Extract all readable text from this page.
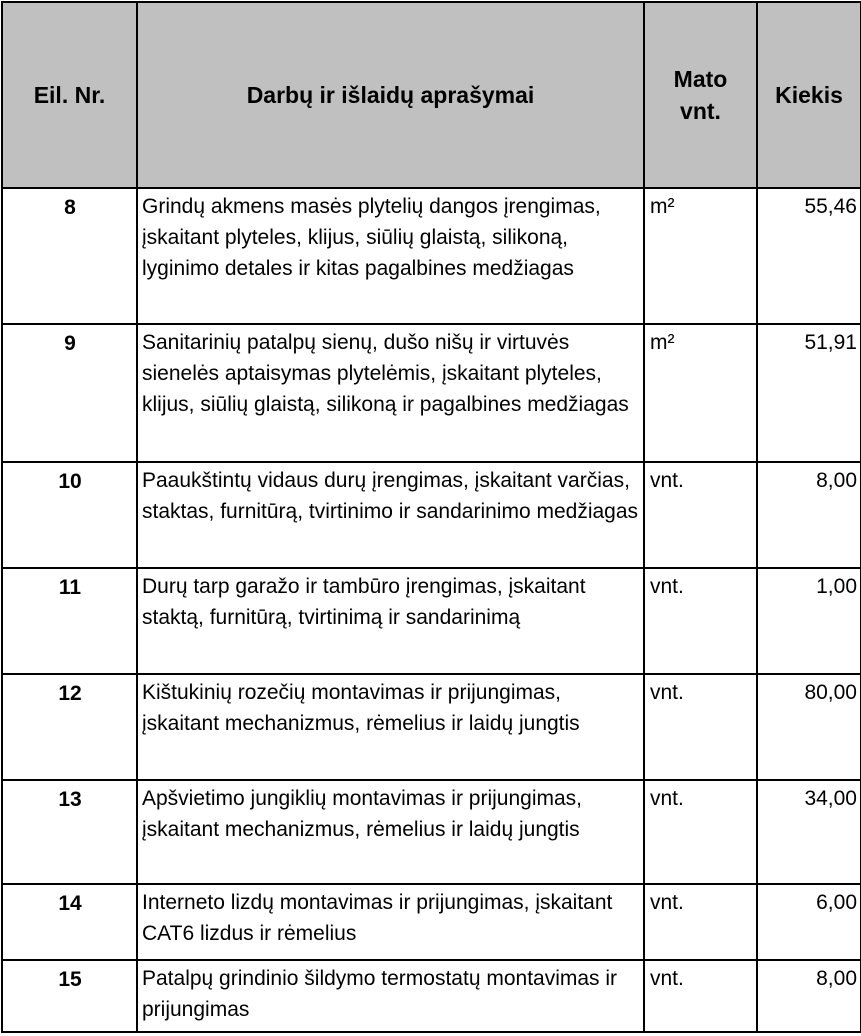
Eil. Nr.	Darbų ir išlaidų aprašymai	Mato vnt.	Kiekis
8	Grindų akmens masės plytelių dangos įrengimas, įskaitant plyteles, klijus, siūlių glaistą, silikoną, lyginimo detales ir kitas pagalbines medžiagas	m²	55,46
9	Sanitarinių patalpų sienų, dušo nišų ir virtuvės sienelės aptaisymas plytelėmis, įskaitant plyteles, klijus, siūlių glaistą, silikoną ir pagalbines medžiagas	m²	51,91
10	Paaukštintų vidaus durų įrengimas, įskaitant varčias, staktas, furnitūrą, tvirtinimo ir sandarinimo medžiagas	vnt.	8,00
11	Durų tarp garažo ir tambūro įrengimas, įskaitant staktą, furnitūrą, tvirtinimą ir sandarinimą	vnt.	1,00
12	Kištukinių rozečių montavimas ir prijungimas, įskaitant mechanizmus, rėmelius ir laidų jungtis	vnt.	80,00
13	Apšvietimo jungiklių montavimas ir prijungimas, įskaitant mechanizmus, rėmelius ir laidų jungtis	vnt.	34,00
14	Interneto lizdų montavimas ir prijungimas, įskaitant CAT6 lizdus ir rėmelius	vnt.	6,00
15	Patalpų grindinio šildymo termostatų montavimas ir prijungimas	vnt.	8,00
